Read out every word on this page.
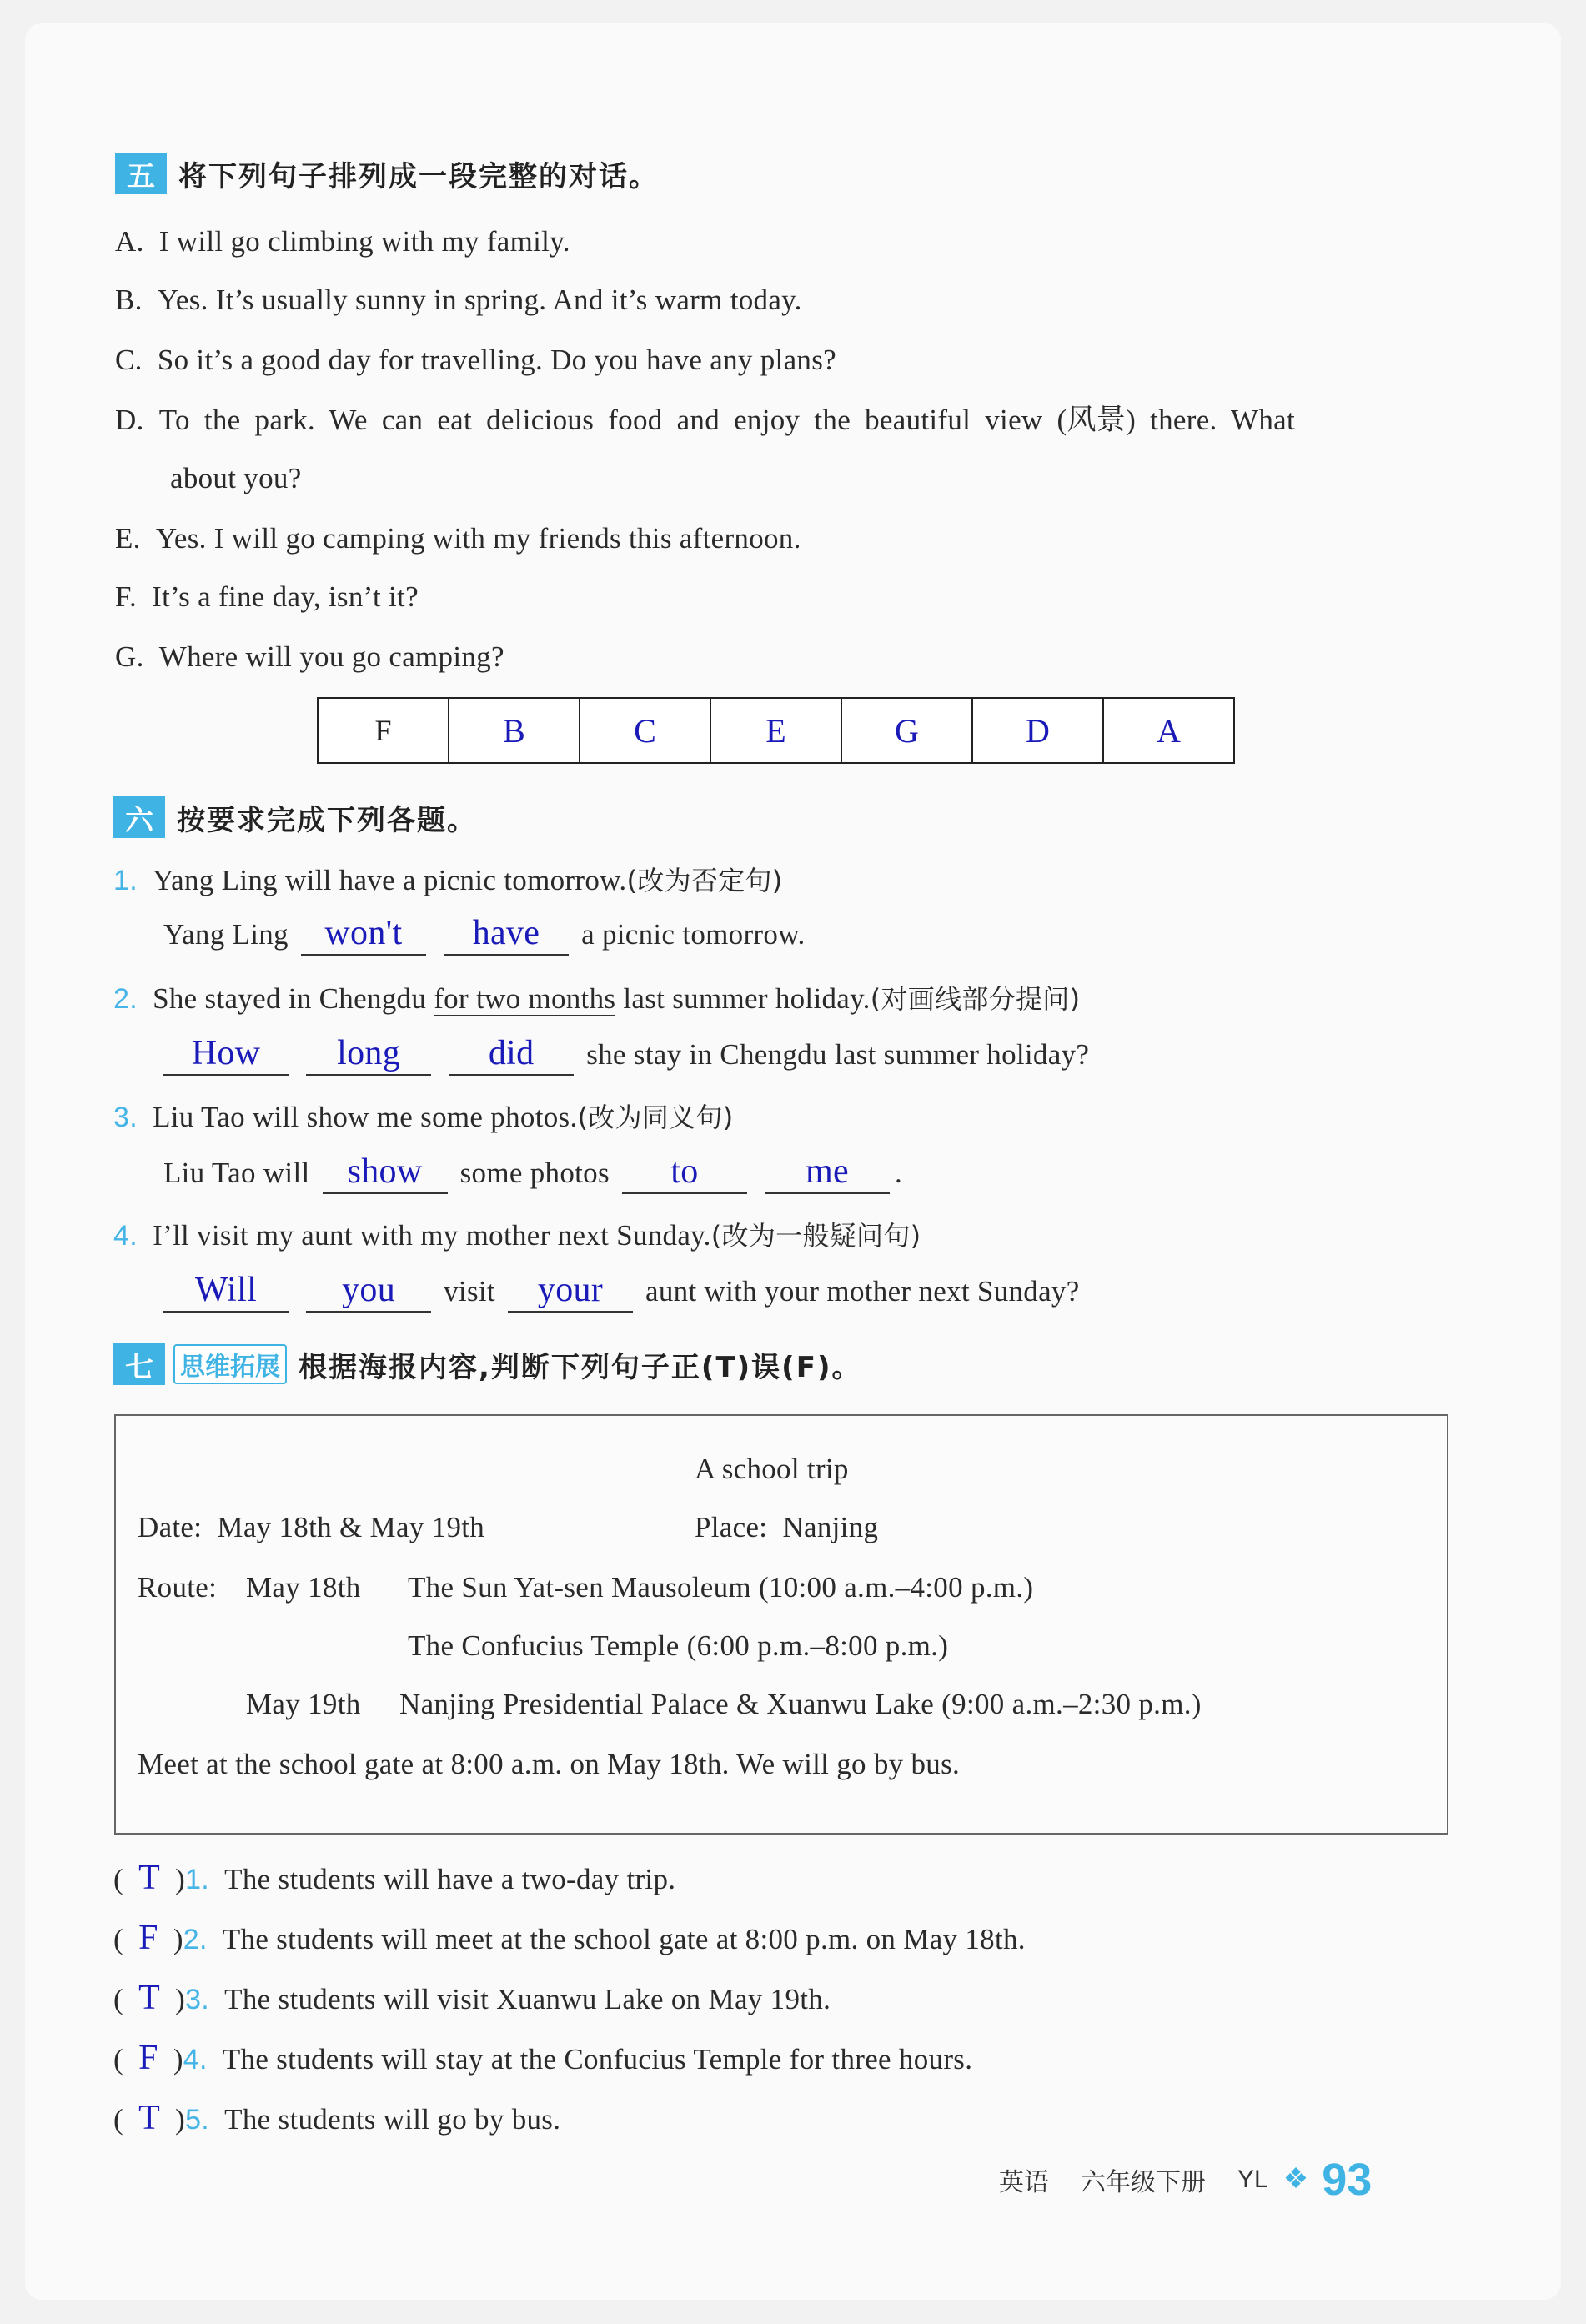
五 将下列句子排列成一段完整的对话。
A. I will go climbing with my family.
B. Yes. It’s usually sunny in spring. And it’s warm today.
C. So it’s a good day for travelling. Do you have any plans?
D. To the park. We can eat delicious food and enjoy the beautiful view (风景) there. What
about you?
E. Yes. I will go camping with my friends this afternoon.
F. It’s a fine day, isn’t it?
G. Where will you go camping?
F	B	C	E	G	D	A
六 按要求完成下列各题。
1. Yang Ling will have a picnic tomorrow.(改为否定句)
Yang Ling won't have a picnic tomorrow.
2. She stayed in Chengdu for two months last summer holiday.(对画线部分提问)
How long	did she stay in Chengdu last summer holiday?
3. Liu Tao will show me some photos.(改为同义句)
Liu Tao will show some photos to	me .
4. I’ll visit my aunt with my mother next Sunday.(改为一般疑问句)
Will you visit your aunt with your mother next Sunday?
七	思维拓展 根据海报内容,判断下列句子正(T)误(F)。
A school trip
Date: May 18th & May 19th	Place: Nanjing
Route: May 18th The Sun Yat-sen Mausoleum (10:00 a.m.–4:00 p.m.)
The Confucius Temple (6:00 p.m.–8:00 p.m.)
May 19th Nanjing Presidential Palace & Xuanwu Lake (9:00 a.m.–2:30 p.m.)
Meet at the school gate at 8:00 a.m. on May 18th. We will go by bus.
(  T  )1. The students will have a two-day trip.
(  F  )2. The students will meet at the school gate at 8:00 p.m. on May 18th.
(  T  )3. The students will visit Xuanwu Lake on May 19th.
(  F  )4. The students will stay at the Confucius Temple for three hours.
(  T  )5. The students will go by bus.
英语 六年级下册 YL ❖ 93
